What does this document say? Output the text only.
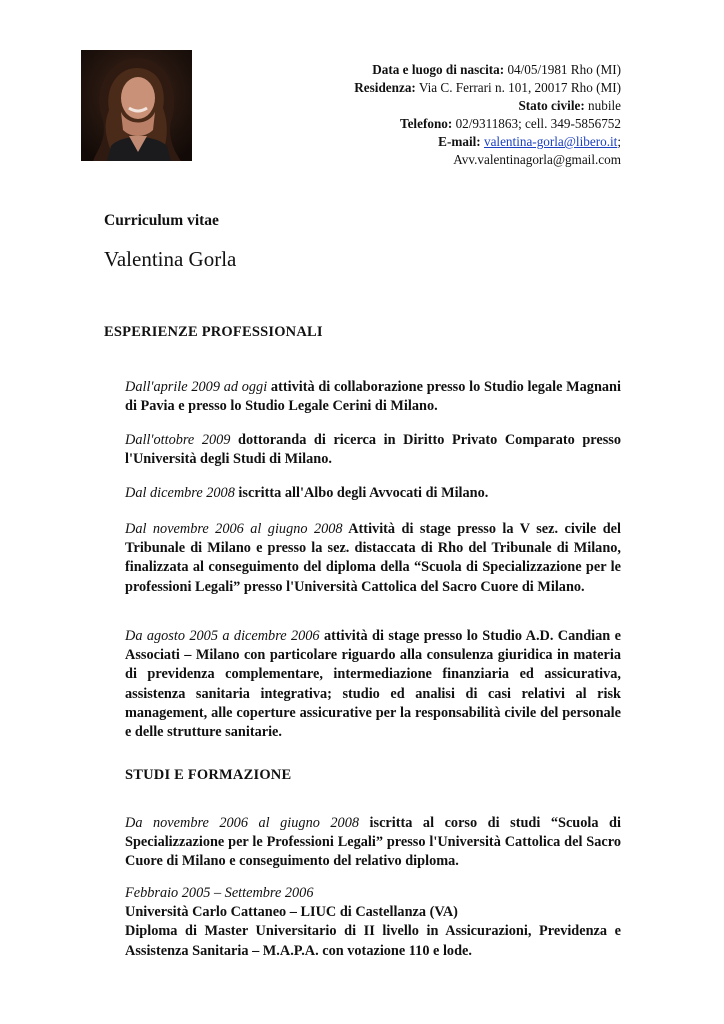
Data e luogo di nascita: 04/05/1981 Rho (MI)
Residenza: Via C. Ferrari n. 101, 20017 Rho (MI)
Stato civile: nubile
Telefono: 02/9311863; cell. 349-5856752
E-mail: valentina-gorla@libero.it;
Avv.valentinagorla@gmail.com
Curriculum vitae
Valentina Gorla
ESPERIENZE PROFESSIONALI
Dall'aprile 2009 ad oggi attività di collaborazione presso lo Studio legale Magnani di Pavia e presso lo Studio Legale Cerini di Milano.
Dall'ottobre 2009 dottoranda di ricerca in Diritto Privato Comparato presso l'Università degli Studi di Milano.
Dal dicembre 2008 iscritta all'Albo degli Avvocati di Milano.
Dal novembre 2006 al giugno 2008 Attività di stage presso la V sez. civile del Tribunale di Milano e presso la sez. distaccata di Rho del Tribunale di Milano, finalizzata al conseguimento del diploma della “Scuola di Specializzazione per le professioni Legali” presso l'Università Cattolica del Sacro Cuore di Milano.
Da agosto 2005 a dicembre 2006 attività di stage presso lo Studio A.D. Candian e Associati – Milano con particolare riguardo alla consulenza giuridica in materia di previdenza complementare, intermediazione finanziaria ed assicurativa, assistenza sanitaria integrativa; studio ed analisi di casi relativi al risk management, alle coperture assicurative per la responsabilità civile del personale e delle strutture sanitarie.
STUDI E FORMAZIONE
Da novembre 2006 al giugno 2008 iscritta al corso di studi “Scuola di Specializzazione per le Professioni Legali” presso l'Università Cattolica del Sacro Cuore di Milano e conseguimento del relativo diploma.
Febbraio 2005 – Settembre 2006
Università Carlo Cattaneo – LIUC di Castellanza (VA)
Diploma di Master Universitario di II livello in Assicurazioni, Previdenza e Assistenza Sanitaria – M.A.P.A. con votazione 110 e lode.
